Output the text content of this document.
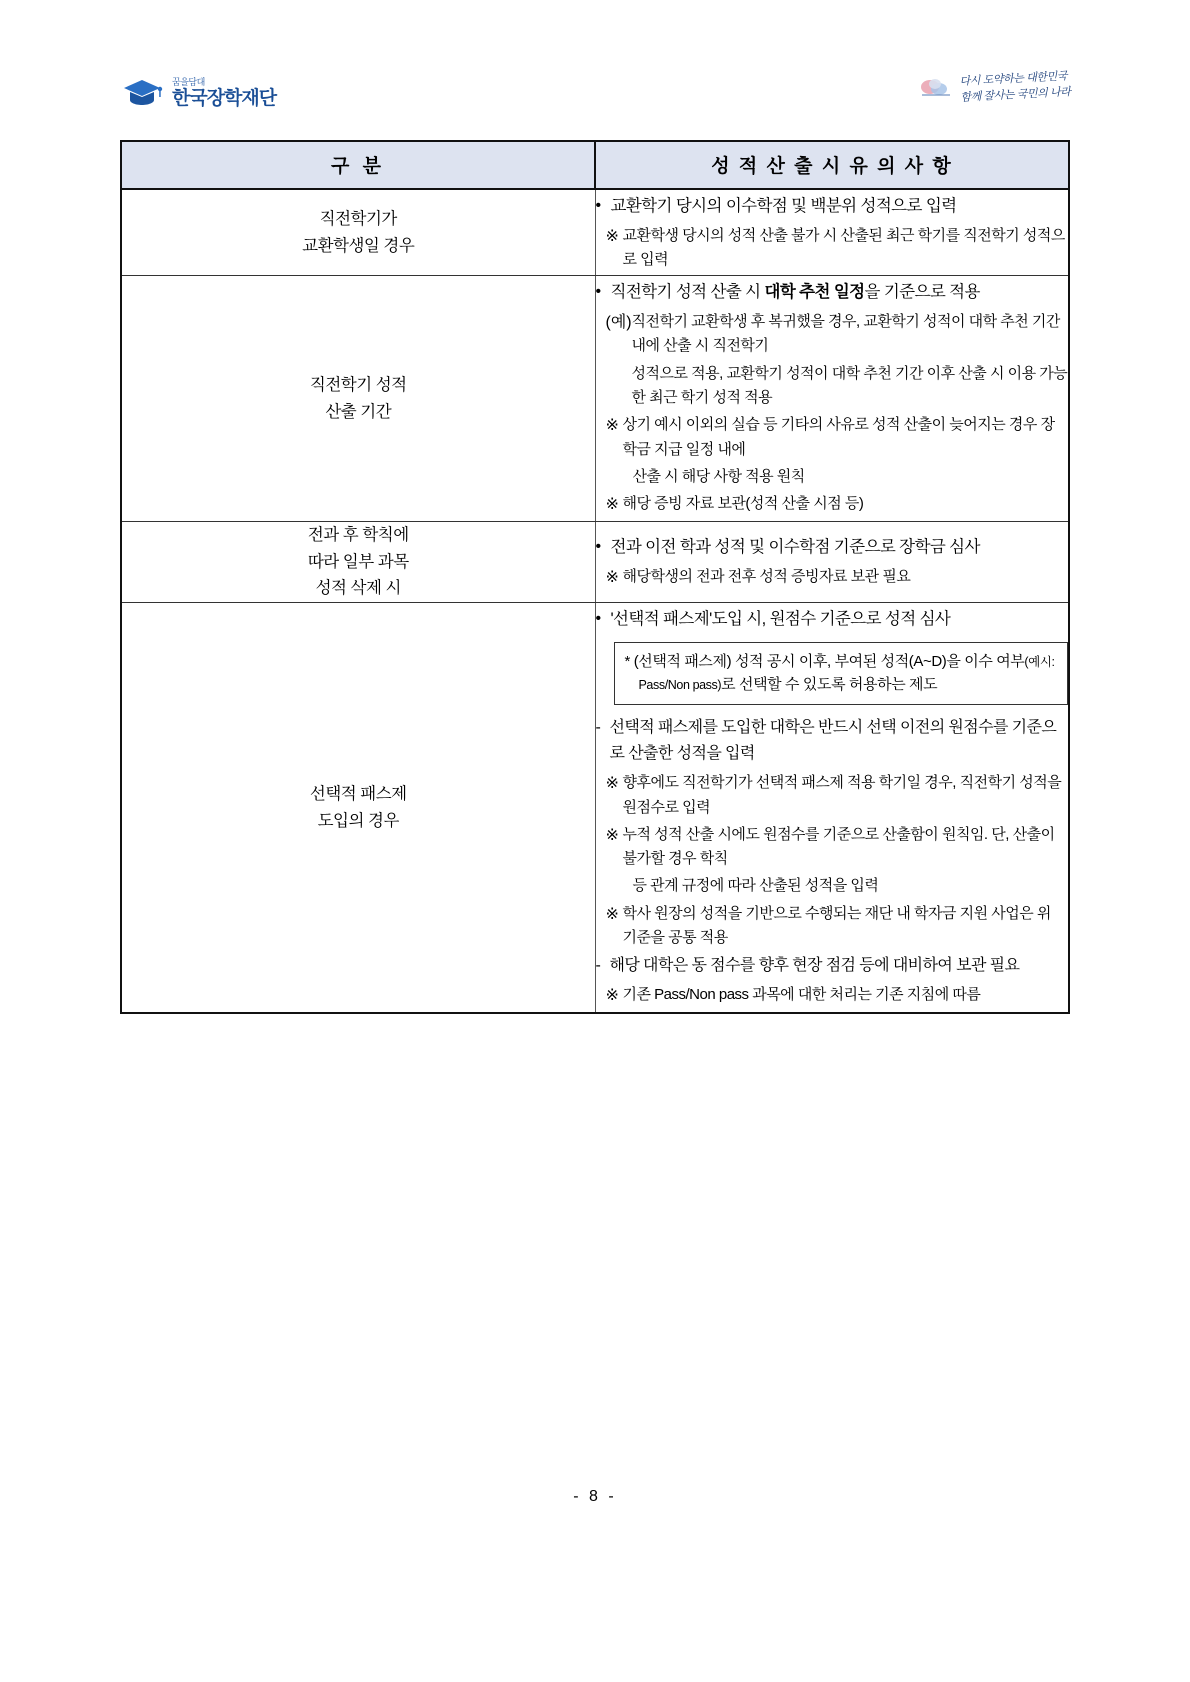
꿈을담대
한국장학재단
다시 도약하는 대한민국
함께 잘사는 국민의 나라
구 분	성 적 산 출 시 유 의 사 항
직전학기가
교환학생일 경우	
• 교환학기 당시의 이수학점 및 백분위 성적으로 입력
※ 교환학생 당시의 성적 산출 불가 시 산출된 최근 학기를 직전학기 성적으로 입력

직전학기 성적
산출 기간	
• 직전학기 성적 산출 시 대학 추천 일정을 기준으로 적용
(예) 직전학기 교환학생 후 복귀했을 경우, 교환학기 성적이 대학 추천 기간 내에 산출 시 직전학기
성적으로 적용, 교환학기 성적이 대학 추천 기간 이후 산출 시 이용 가능한 최근 학기 성적 적용
※ 상기 예시 이외의 실습 등 기타의 사유로 성적 산출이 늦어지는 경우 장학금 지급 일정 내에
산출 시 해당 사항 적용 원칙
※ 해당 증빙 자료 보관(성적 산출 시점 등)

전과 후 학칙에
따라 일부 과목
성적 삭제 시	
• 전과 이전 학과 성적 및 이수학점 기준으로 장학금 심사
※ 해당학생의 전과 전후 성적 증빙자료 보관 필요

선택적 패스제
도입의 경우	
• '선택적 패스제'도입 시, 원점수 기준으로 성적 심사
* (선택적 패스제) 성적 공시 이후, 부여된 성적(A~D)을 이수 여부(예시:
Pass/Non pass)로 선택할 수 있도록 허용하는 제도
- 선택적 패스제를 도입한 대학은 반드시 선택 이전의 원점수를 기준으로 산출한 성적을 입력
※ 향후에도 직전학기가 선택적 패스제 적용 학기일 경우, 직전학기 성적을 원점수로 입력
※ 누적 성적 산출 시에도 원점수를 기준으로 산출함이 원칙임. 단, 산출이 불가할 경우 학칙
등 관계 규정에 따라 산출된 성적을 입력
※ 학사 원장의 성적을 기반으로 수행되는 재단 내 학자금 지원 사업은 위 기준을 공통 적용
- 해당 대학은 동 점수를 향후 현장 점검 등에 대비하여 보관 필요
※ 기존 Pass/Non pass 과목에 대한 처리는 기존 지침에 따름
- 8 -
